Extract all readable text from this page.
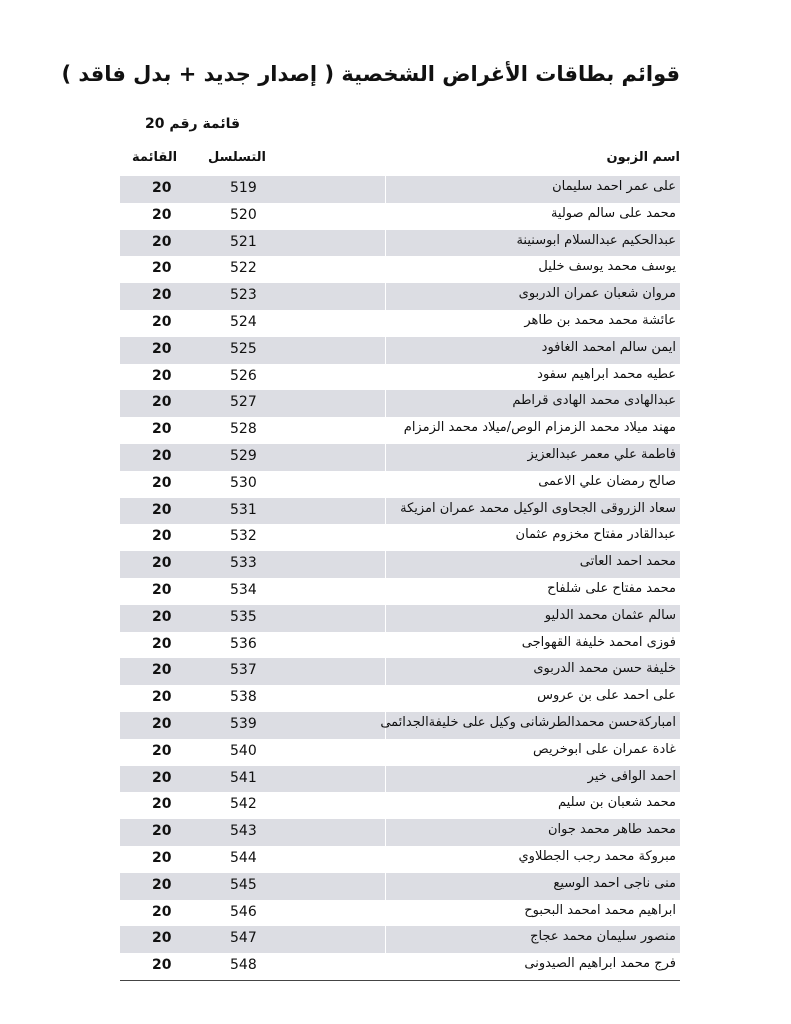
قوائم بطاقات الأغراض الشخصية ( إصدار جديد + بدل فاقد )
قائمة رقم 20
القائمة التسلسل	اسم الزبون
20	519	على عمر احمد سليمان
20	520	محمد على سالم صولية
20	521	عبدالحكيم عبدالسلام ابوسنينة
20	522	يوسف محمد يوسف خليل
20	523	مروان شعبان عمران الدربوى
20	524	عائشة محمد محمد بن طاهر
20	525	ايمن سالم امحمد الغافود
20	526	عطيه محمد ابراهيم سفود
20	527	عبدالهادى محمد الهادى قراطم
20	528	مهند ميلاد محمد الزمزام الوص/ميلاد محمد الزمزام
20	529	فاطمة علي معمر عبدالعزيز
20	530	صالح رمضان علي الاعمى
20	531	سعاد الزروقى الجحاوى الوكيل محمد عمران امزيكة
20	532	عبدالقادر مفتاح مخزوم عثمان
20	533	محمد احمد العاتى
20	534	محمد مفتاح على شلفاح
20	535	سالم عثمان محمد الدليو
20	536	فوزى امحمد خليفة القهواجى
20	537	خليفة حسن محمد الدربوى
20	538	على احمد على بن عروس
20	539	امباركةحسن محمدالطرشانى وكيل على خليفةالجدائمى
20	540	غادة عمران على ابوخريص
20	541	احمد الوافى خير
20	542	محمد شعبان بن سليم
20	543	محمد طاهر محمد جوان
20	544	مبروكة محمد رجب الجطلاوي
20	545	منى ناجى احمد الوسيع
20	546	ابراهيم محمد امحمد البحبوح
20	547	منصور سليمان محمد عجاج
20	548	فرج محمد ابراهيم الصيدونى
